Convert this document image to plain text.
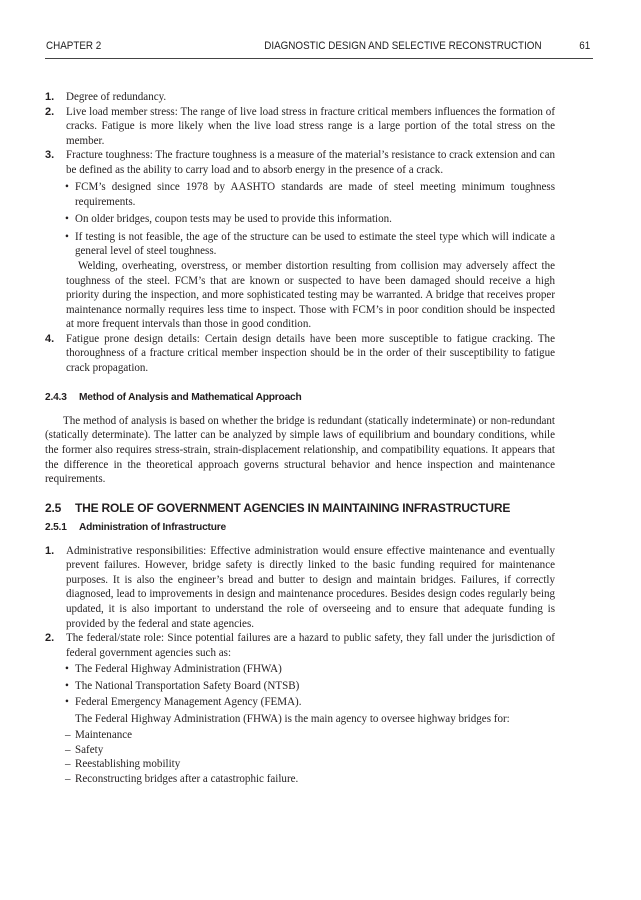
CHAPTER 2	DIAGNOSTIC DESIGN AND SELECTIVE RECONSTRUCTION	61

1. Degree of redundancy.

2. Live load member stress: The range of live load stress in fracture critical members influences the formation of cracks. Fatigue is more likely when the live load stress range is a large portion of the total stress on the member.

3. Fracture toughness: The fracture toughness is a measure of the material’s resistance to crack extension and can be defined as the ability to carry load and to absorb energy in the presence of a crack.

• FCM’s designed since 1978 by AASHTO standards are made of steel meeting minimum toughness requirements.

• On older bridges, coupon tests may be used to provide this information.

• If testing is not feasible, the age of the structure can be used to estimate the steel type which will indicate a general level of steel toughness.

Welding, overheating, overstress, or member distortion resulting from collision may adversely affect the toughness of the steel. FCM’s that are known or suspected to have been damaged should receive a high priority during the inspection, and more sophisticated testing may be warranted. A bridge that receives proper maintenance normally requires less time to inspect. Those with FCM’s in poor condition should be inspected at more frequent intervals than those in good condition.

4. Fatigue prone design details: Certain design details have been more susceptible to fatigue cracking. The thoroughness of a fracture critical member inspection should be in the order of their susceptibility to fatigue crack propagation.

2.4.3 Method of Analysis and Mathematical Approach

The method of analysis is based on whether the bridge is redundant (statically indeterminate) or non-redundant (statically determinate). The latter can be analyzed by simple laws of equilibrium and boundary conditions, while the former also requires stress-strain, strain-displacement relationship, and compatibility equations. It appears that the difference in the theoretical approach governs structural behavior and hence inspection and maintenance requirements.

2.5 THE ROLE OF GOVERNMENT AGENCIES IN MAINTAINING INFRASTRUCTURE

2.5.1 Administration of Infrastructure

1. Administrative responsibilities: Effective administration would ensure effective maintenance and eventually prevent failures. However, bridge safety is directly linked to the basic funding required for maintenance purposes. It is also the engineer’s bread and butter to design and maintain bridges. Failures, if correctly diagnosed, lead to improvements in design and maintenance procedures. Besides design codes regularly being updated, it is also important to understand the role of overseeing and to ensure that adequate funding is provided by the federal and state agencies.

2. The federal/state role: Since potential failures are a hazard to public safety, they fall under the jurisdiction of federal government agencies such as:

• The Federal Highway Administration (FHWA)

• The National Transportation Safety Board (NTSB)

• Federal Emergency Management Agency (FEMA).

The Federal Highway Administration (FHWA) is the main agency to oversee highway bridges for:

– Maintenance

– Safety

– Reestablishing mobility

– Reconstructing bridges after a catastrophic failure.
